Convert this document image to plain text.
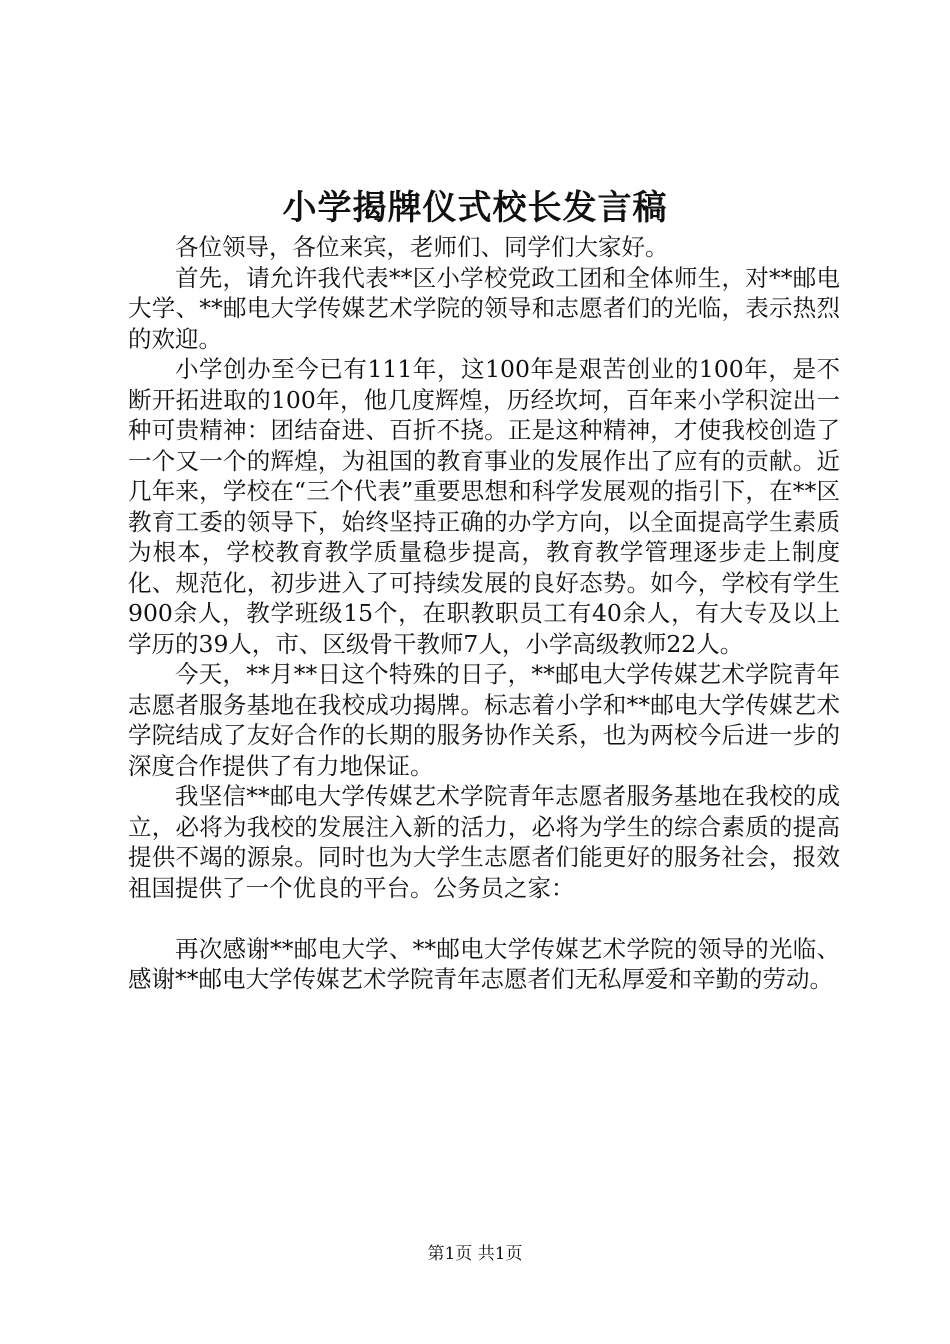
小学揭牌仪式校长发言稿

各位领导，各位来宾，老师们、同学们大家好。

首先，请允许我代表**区小学校党政工团和全体师生，对**邮电大学、**邮电大学传媒艺术学院的领导和志愿者们的光临，表示热烈的欢迎。

小学创办至今已有111年，这100年是艰苦创业的100年，是不断开拓进取的100年，他几度辉煌，历经坎坷，百年来小学积淀出一种可贵精神：团结奋进、百折不挠。正是这种精神，才使我校创造了一个又一个的辉煌，为祖国的教育事业的发展作出了应有的贡献。近几年来，学校在“三个代表”重要思想和科学发展观的指引下，在**区教育工委的领导下，始终坚持正确的办学方向，以全面提高学生素质为根本，学校教育教学质量稳步提高，教育教学管理逐步走上制度化、规范化，初步进入了可持续发展的良好态势。如今，学校有学生900余人，教学班级15个，在职教职员工有40余人，有大专及以上学历的39人，市、区级骨干教师7人，小学高级教师22人。

今天，**月**日这个特殊的日子，**邮电大学传媒艺术学院青年志愿者服务基地在我校成功揭牌。标志着小学和**邮电大学传媒艺术学院结成了友好合作的长期的服务协作关系，也为两校今后进一步的深度合作提供了有力地保证。

我坚信**邮电大学传媒艺术学院青年志愿者服务基地在我校的成立，必将为我校的发展注入新的活力，必将为学生的综合素质的提高提供不竭的源泉。同时也为大学生志愿者们能更好的服务社会，报效祖国提供了一个优良的平台。公务员之家：

再次感谢**邮电大学、**邮电大学传媒艺术学院的领导的光临、感谢**邮电大学传媒艺术学院青年志愿者们无私厚爱和辛勤的劳动。

第1页 共1页
